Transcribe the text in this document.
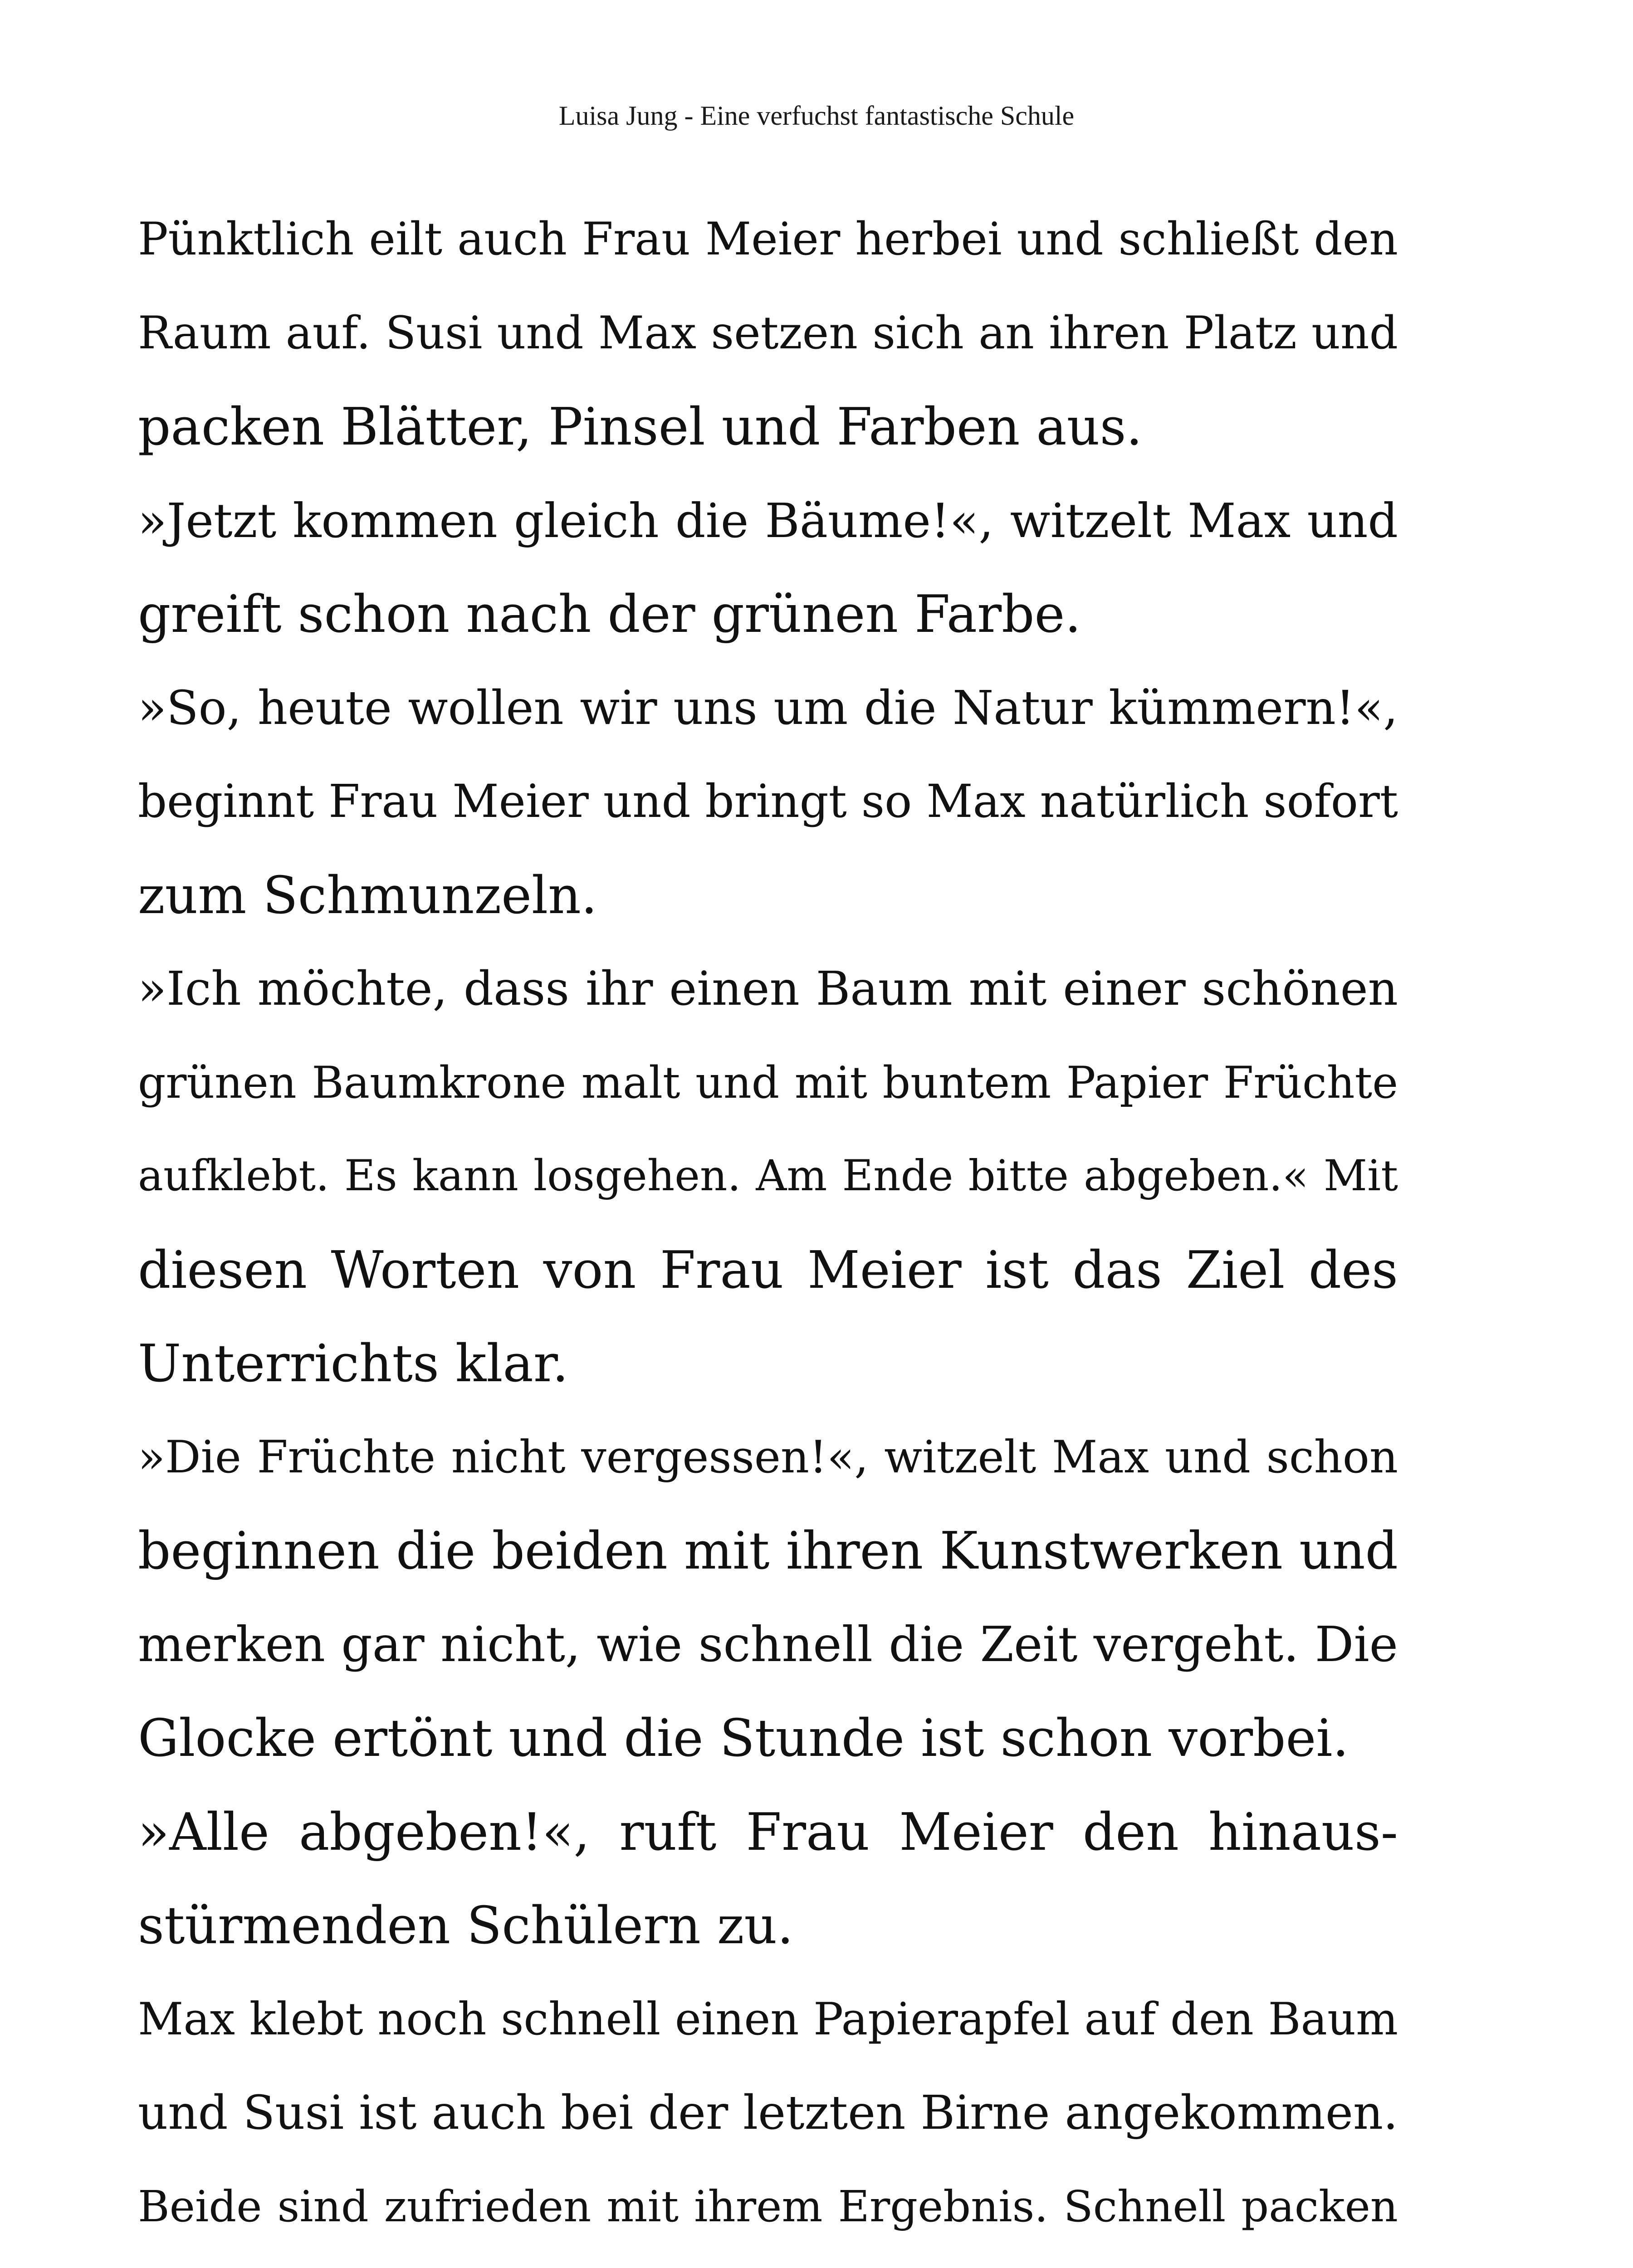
Luisa Jung - Eine verfuchst fantastische Schule
Pünktlich eilt auch Frau Meier herbei und schließt den
Raum auf. Susi und Max setzen sich an ihren Platz und
packen Blätter, Pinsel und Farben aus.
»Jetzt kommen gleich die Bäume!«, witzelt Max und
greift schon nach der grünen Farbe.
»So, heute wollen wir uns um die Natur kümmern!«,
beginnt Frau Meier und bringt so Max natürlich sofort
zum Schmunzeln.
»Ich möchte, dass ihr einen Baum mit einer schönen
grünen Baumkrone malt und mit buntem Papier Früchte
aufklebt. Es kann losgehen. Am Ende bitte abgeben.« Mit
diesen Worten von Frau Meier ist das Ziel des
Unterrichts klar.
»Die Früchte nicht vergessen!«, witzelt Max und schon
beginnen die beiden mit ihren Kunstwerken und
merken gar nicht, wie schnell die Zeit vergeht. Die
Glocke ertönt und die Stunde ist schon vorbei.
»Alle abgeben!«, ruft Frau Meier den hinaus-
stürmenden Schülern zu.
Max klebt noch schnell einen Papierapfel auf den Baum
und Susi ist auch bei der letzten Birne angekommen.
Beide sind zufrieden mit ihrem Ergebnis. Schnell packen
